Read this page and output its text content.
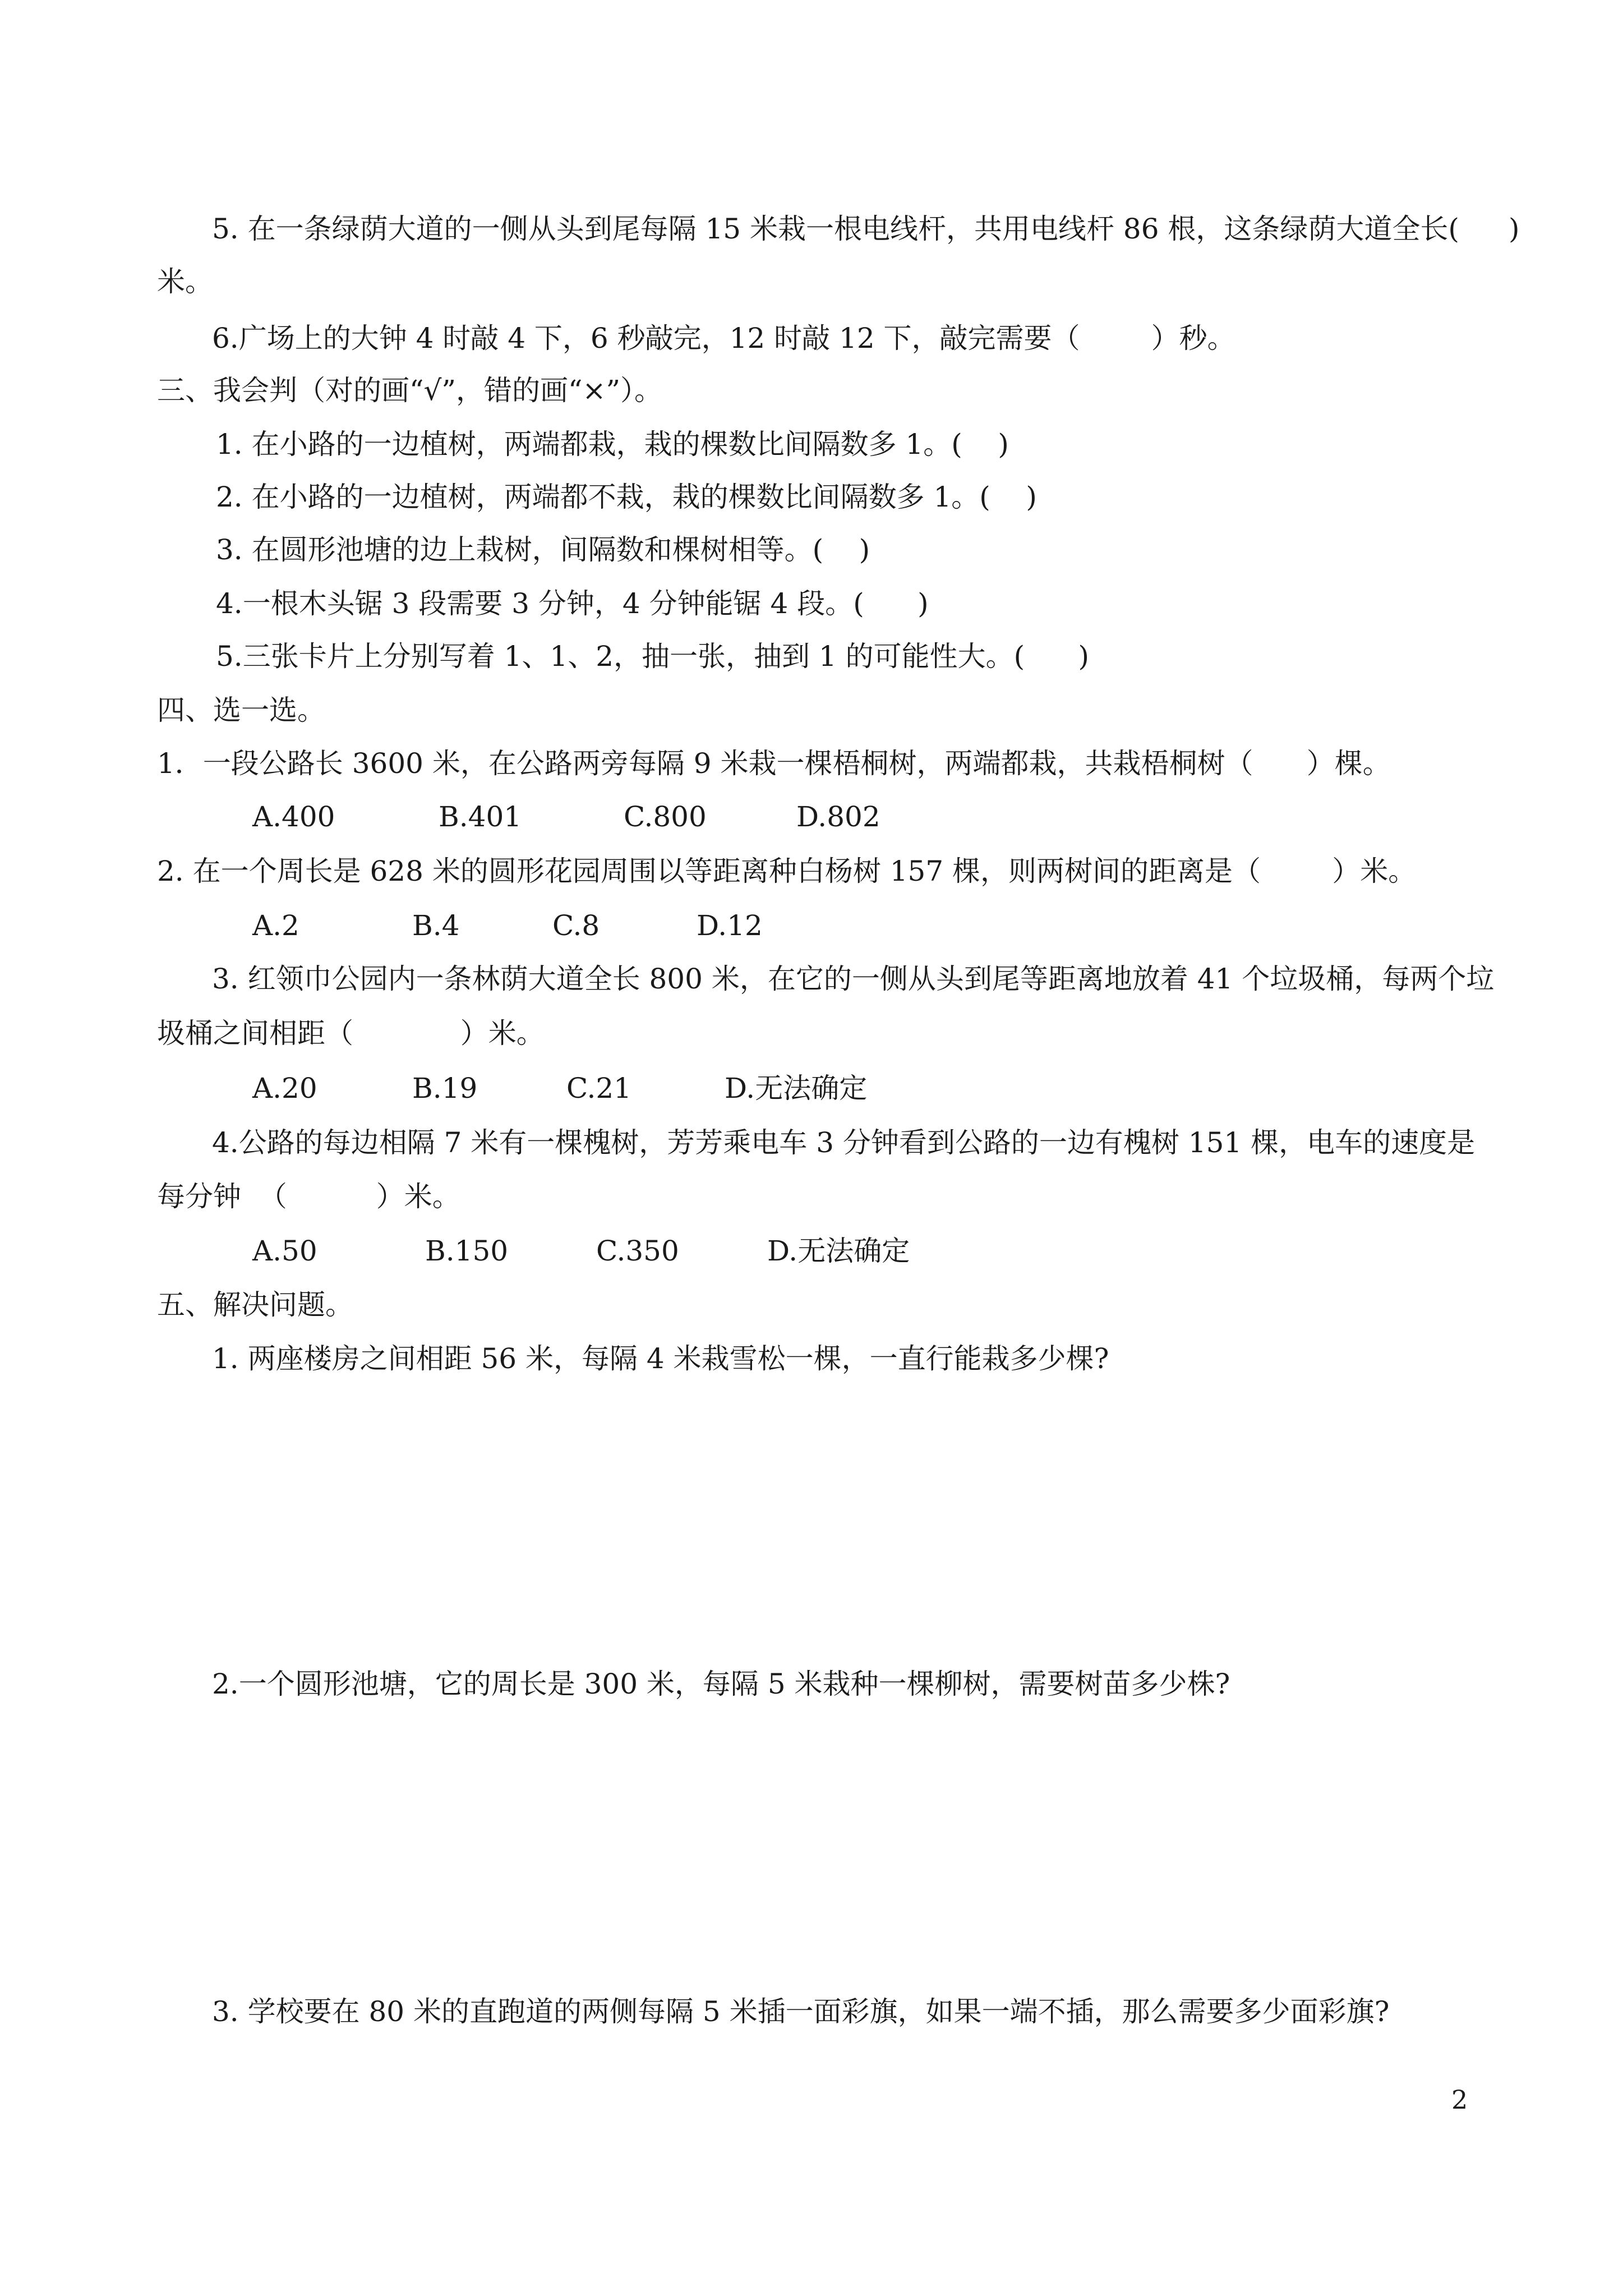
5. 在一条绿荫大道的一侧从头到尾每隔 15 米栽一根电线杆，共用电线杆 86 根，这条绿荫大道全长( )

米。

6.广场上的大钟 4 时敲 4 下，6 秒敲完，12 时敲 12 下，敲完需要（        ）秒。

三、我会判（对的画“√”，错的画“×”）。

1. 在小路的一边植树，两端都栽，栽的棵数比间隔数多 1。(    )

2. 在小路的一边植树，两端都不栽，栽的棵数比间隔数多 1。(    )

3. 在圆形池塘的边上栽树，间隔数和棵树相等。(    )

4.一根木头锯 3 段需要 3 分钟，4 分钟能锯 4 段。(      )

5.三张卡片上分别写着 1、1、2，抽一张，抽到 1 的可能性大。(      )

四、选一选。

1．一段公路长 3600 米，在公路两旁每隔 9 米栽一棵梧桐树，两端都栽，共栽梧桐树（      ）棵。

A.400	B.401	C.800	D.802

2. 在一个周长是 628 米的圆形花园周围以等距离种白杨树 157 棵，则两树间的距离是（        ）米。

A.2	B.4	C.8	D.12

3. 红领巾公园内一条林荫大道全长 800 米，在它的一侧从头到尾等距离地放着 41 个垃圾桶，每两个垃

圾桶之间相距（            ）米。

A.20	B.19	C.21	D.无法确定

4.公路的每边相隔 7 米有一棵槐树，芳芳乘电车 3 分钟看到公路的一边有槐树 151 棵，电车的速度是

每分钟  （          ）米。

A.50	B.150	C.350	D.无法确定

五、解决问题。

1. 两座楼房之间相距 56 米，每隔 4 米栽雪松一棵，一直行能栽多少棵?

2.一个圆形池塘，它的周长是 300 米，每隔 5 米栽种一棵柳树，需要树苗多少株?

3. 学校要在 80 米的直跑道的两侧每隔 5 米插一面彩旗，如果一端不插，那么需要多少面彩旗?

2
